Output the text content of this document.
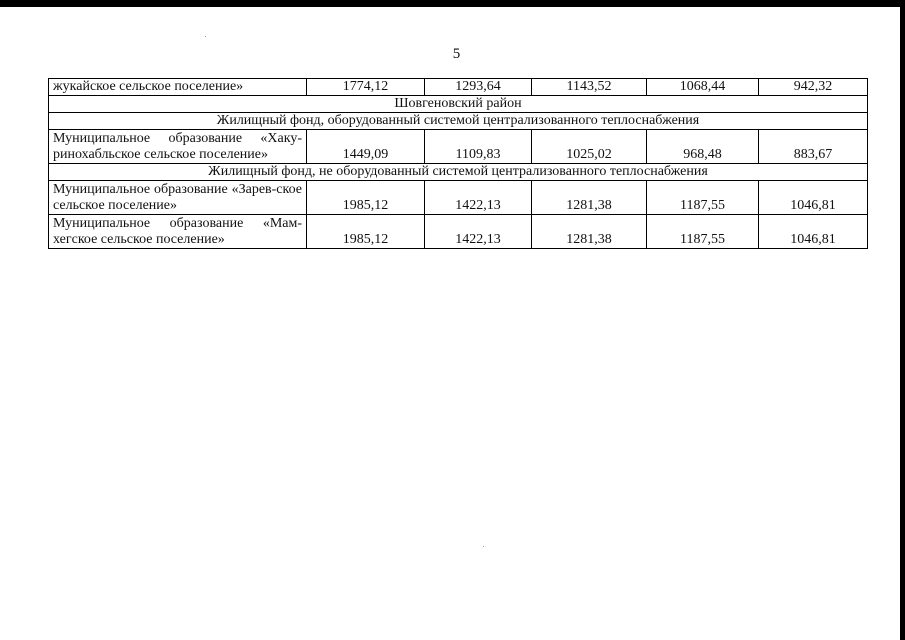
5
жукайское сельское поселение»	1774,12	1293,64	1143,52	1068,44	942,32
Шовгеновский район					
Жилищный фонд, оборудованный системой централизованного теплоснабжения					
Муниципальное образование «Хаку-ринохабльское сельское поселение»	1449,09	1109,83	1025,02	968,48	883,67
Жилищный фонд, не оборудованный системой централизованного теплоснабжения					
Муниципальное образование «Зарев-ское сельское поселение»	1985,12	1422,13	1281,38	1187,55	1046,81
Муниципальное образование «Мам-хегское сельское поселение»	1985,12	1422,13	1281,38	1187,55	1046,81
